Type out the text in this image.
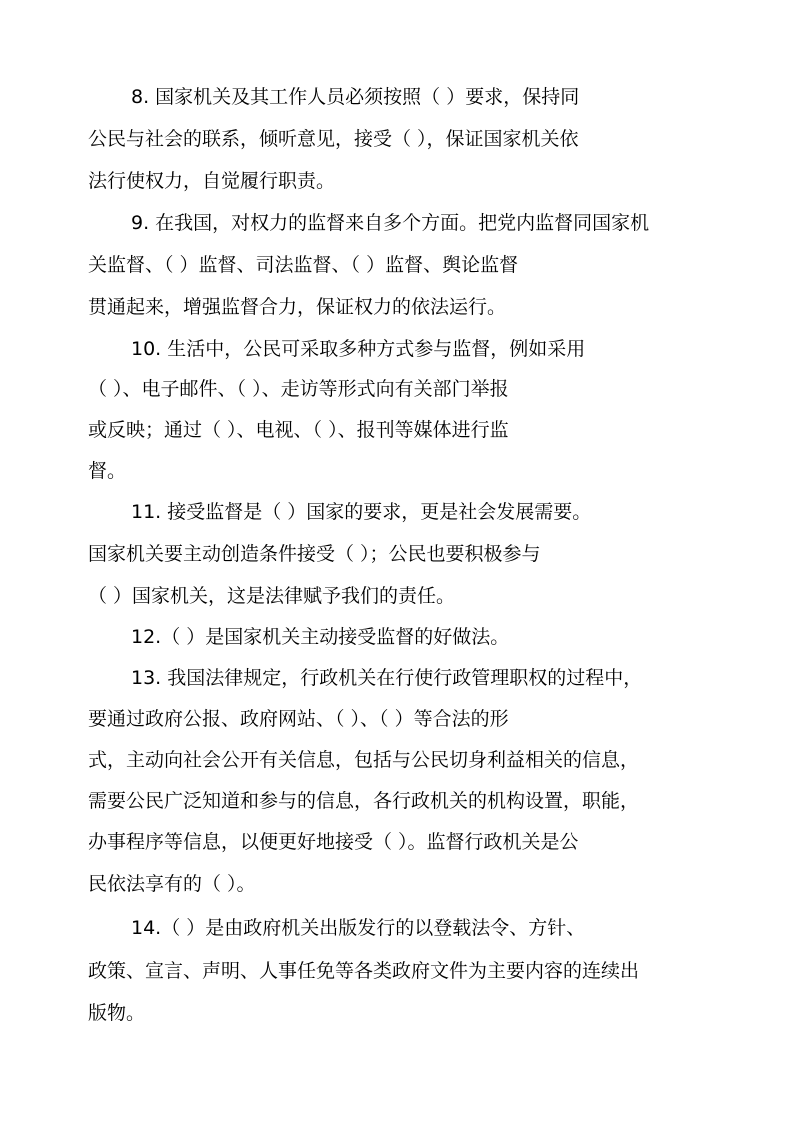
8. 国家机关及其工作人员必须按照（ ）要求，保持同
公民与社会的联系，倾听意见，接受（ ），保证国家机关依
法行使权力，自觉履行职责。
9. 在我国，对权力的监督来自多个方面。把党内监督同国家机
关监督、（ ）监督、司法监督、（ ）监督、舆论监督
贯通起来，增强监督合力，保证权力的依法运行。
10. 生活中，公民可采取多种方式参与监督，例如采用
（ ）、电子邮件、（ ）、走访等形式向有关部门举报
或反映；通过（ ）、电视、（ ）、报刊等媒体进行监
督。
11. 接受监督是（ ）国家的要求，更是社会发展需要。
国家机关要主动创造条件接受（ ）；公民也要积极参与
（ ）国家机关，这是法律赋予我们的责任。
12.（ ）是国家机关主动接受监督的好做法。
13. 我国法律规定，行政机关在行使行政管理职权的过程中，
要通过政府公报、政府网站、（ ）、（ ）等合法的形
式，主动向社会公开有关信息，包括与公民切身利益相关的信息，
需要公民广泛知道和参与的信息，各行政机关的机构设置，职能，
办事程序等信息，以便更好地接受（ ）。监督行政机关是公
民依法享有的（ ）。
14.（ ）是由政府机关出版发行的以登载法令、方针、
政策、宣言、声明、人事任免等各类政府文件为主要内容的连续出
版物。
